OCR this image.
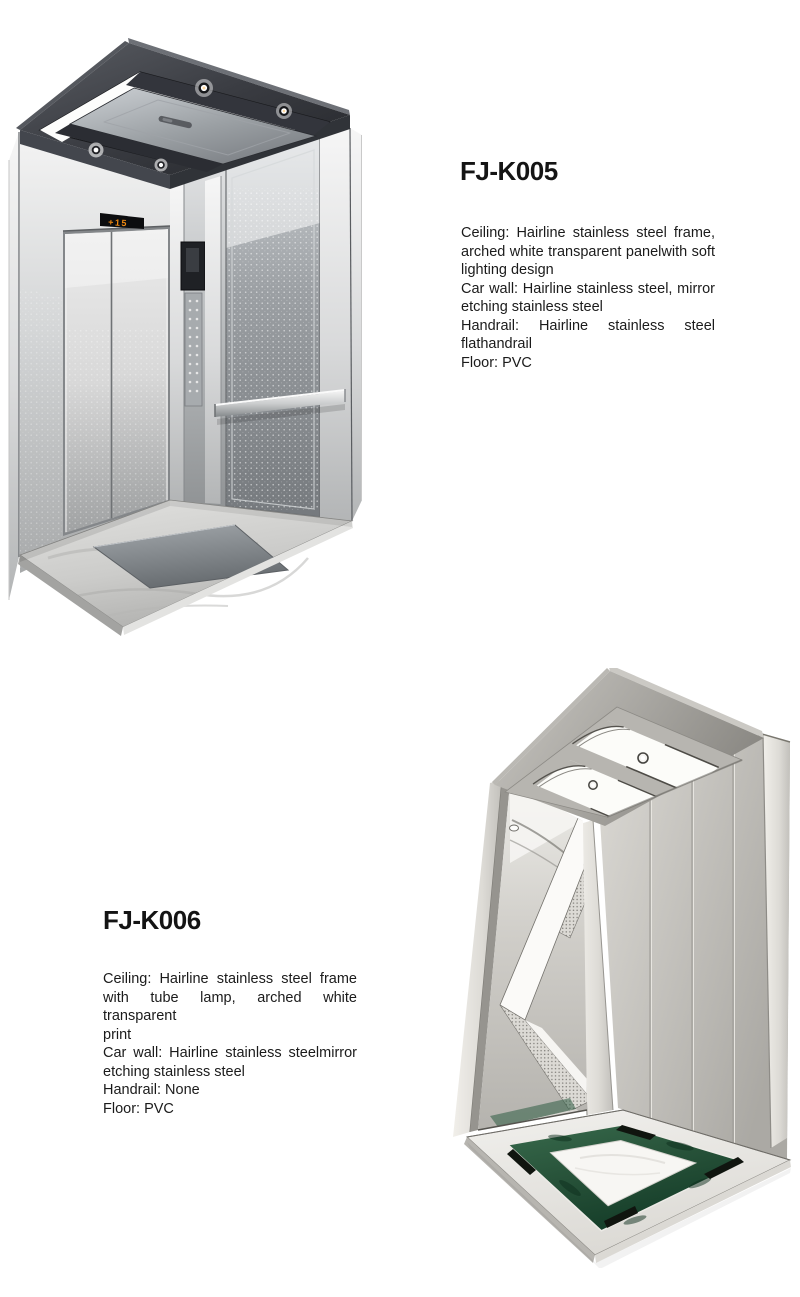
+15
FJ-K005
Ceiling: Hairline stainless steel frame,
arched white transparent panelwith soft
lighting design
Car wall: Hairline stainless steel, mirror
etching stainless steel
Handrail: Hairline stainless steel
flathandrail
Floor: PVC
FJ-K006
Ceiling: Hairline stainless steel frame
with tube lamp, arched white transparent
print
Car wall: Hairline stainless steelmirror
etching stainless steel
Handrail: None
Floor: PVC
